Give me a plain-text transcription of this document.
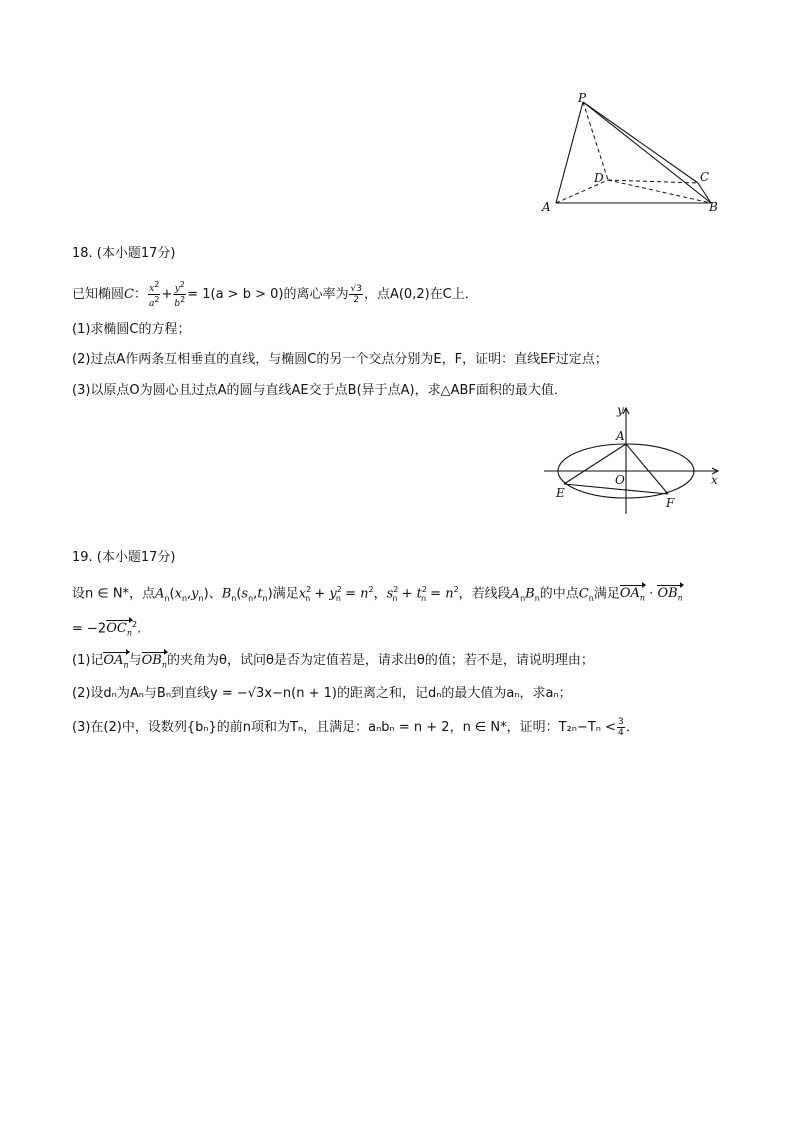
P
D	C
A	B
18. (本小题17分)
已知椭圆C： $\frac{x^2}{a^2} + \frac{y^2}{b^2} = 1(a > b > 0)$的离心率为 $\frac{√3}{2}$ ，点A(0,2)在C上．
(1)求椭圆C的方程；
(2)过点A作两条互相垂直的直线，与椭圆C的另一个交点分别为E，F，证明：直线EF过定点；
(3)以原点O为圆心且过点A的圆与直线AE交于点B(异于点A)，求△ABF面积的最大值．
y
x
A
O
E
F
19. (本小题17分)
设n ∈ N*，点$A_n(x_n,y_n)$、$B_n(s_n,t_n)$满足$x^2_n + y^2_n = n^2$，$s^2_n + t^2_n = n^2$，若线段$A_nB_n$的中点$C_n$满足$OA_n \cdot OB_n$
= $-2OC_n^2$.
(1)记$OA_n$与$OB_n$的夹角为θ，试问θ是否为定值若是，请求出θ的值；若不是，请说明理由；
(2)设dₙ为Aₙ与Bₙ到直线y = −√3x−n(n + 1)的距离之和，记dₙ的最大值为aₙ，求aₙ；
(3)在(2)中，设数列{bₙ}的前n项和为Tₙ，且满足：aₙbₙ = n + 2，n ∈ N*，证明：$T_{2n}-T_n < \frac{3}{4}$ ．
